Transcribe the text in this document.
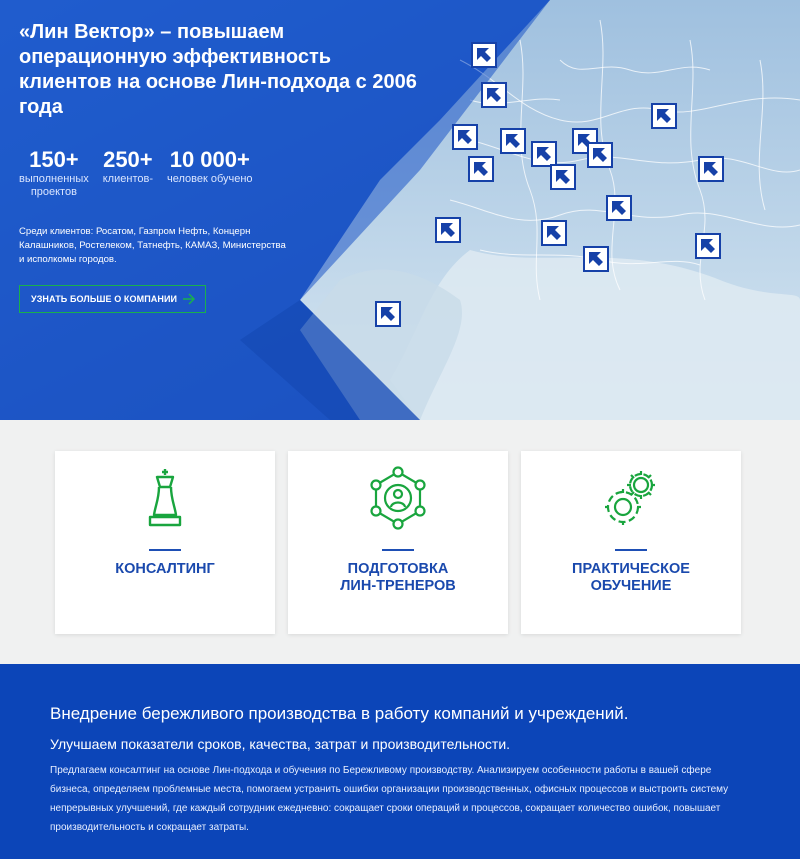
«Лин Вектор» – повышаем операционную эффективность клиентов на основе Лин-подхода с 2006 года
150+
выполненных
проектов
250+
клиентов-
10 000+
человек обучено
Среди клиентов: Росатом, Газпром Нефть, Концерн Калашников, Ростелеком, Татнефть, КАМАЗ, Министерства и исполкомы городов.
УЗНАТЬ БОЛЬШЕ О КОМПАНИИ
КОНСАЛТИНГ	ПОДГОТОВКА
ЛИН-ТРЕНЕРОВ
ПРАКТИЧЕСКОЕ
ОБУЧЕНИЕ
Внедрение бережливого производства в работу компаний и учреждений.
Улучшаем показатели сроков, качества, затрат и производительности.

Предлагаем консалтинг на основе Лин-подхода и обучения по Бережливому производству. Анализируем особенности работы в вашей сфере бизнеса, определяем проблемные места, помогаем устранить ошибки организации производственных, офисных процессов и выстроить систему непрерывных улучшений, где каждый сотрудник ежедневно: сокращает сроки операций и процессов, сокращает количество ошибок, повышает производительность и сокращает затраты.
